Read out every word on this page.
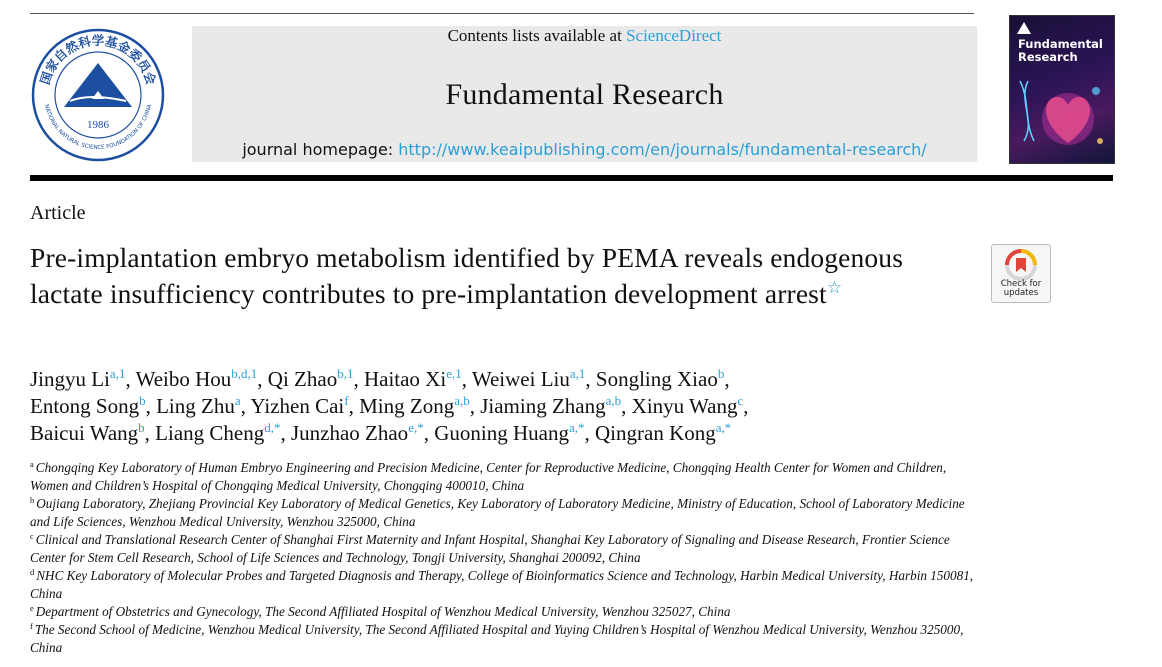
国家自然科学基金委员会
NATIONAL NATURAL SCIENCE FOUNDATION OF CHINA
1986
Contents lists available at ScienceDirect
Fundamental Research
journal homepage: http://www.keaipublishing.com/en/journals/fundamental-research/
Fundamental
Research
Article
Pre-implantation embryo metabolism identified by PEMA reveals endogenous lactate insufficiency contributes to pre-implantation development arrest☆	Check for
updates
Jingyu Li$^{a,1}$, Weibo Hou$^{b,d,1}$, Qi Zhao$^{b,1}$, Haitao Xi$^{e,1}$, Weiwei Liu$^{a,1}$, Songling Xiao$^b$,
Entong Song$^b$, Ling Zhu$^a$, Yizhen Cai$^f$, Ming Zong$^{a,b}$, Jiaming Zhang$^{a,b}$, Xinyu Wang$^c$,
Baicui Wang$^b$, Liang Cheng$^{d,*}$, Junzhao Zhao$^{e,*}$, Guoning Huang$^{a,*}$, Qingran Kong$^{a,*}$
$^a$ Chongqing Key Laboratory of Human Embryo Engineering and Precision Medicine, Center for Reproductive Medicine, Chongqing Health Center for Women and Children, Women and Children’s Hospital of Chongqing Medical University, Chongqing 400010, China
$^b$ Oujiang Laboratory, Zhejiang Provincial Key Laboratory of Medical Genetics, Key Laboratory of Laboratory Medicine, Ministry of Education, School of Laboratory Medicine and Life Sciences, Wenzhou Medical University, Wenzhou 325000, China
$^c$ Clinical and Translational Research Center of Shanghai First Maternity and Infant Hospital, Shanghai Key Laboratory of Signaling and Disease Research, Frontier Science Center for Stem Cell Research, School of Life Sciences and Technology, Tongji University, Shanghai 200092, China
$^d$ NHC Key Laboratory of Molecular Probes and Targeted Diagnosis and Therapy, College of Bioinformatics Science and Technology, Harbin Medical University, Harbin 150081, China
$^e$ Department of Obstetrics and Gynecology, The Second Affiliated Hospital of Wenzhou Medical University, Wenzhou 325027, China
$^f$ The Second School of Medicine, Wenzhou Medical University, The Second Affiliated Hospital and Yuying Children’s Hospital of Wenzhou Medical University, Wenzhou 325000, China
